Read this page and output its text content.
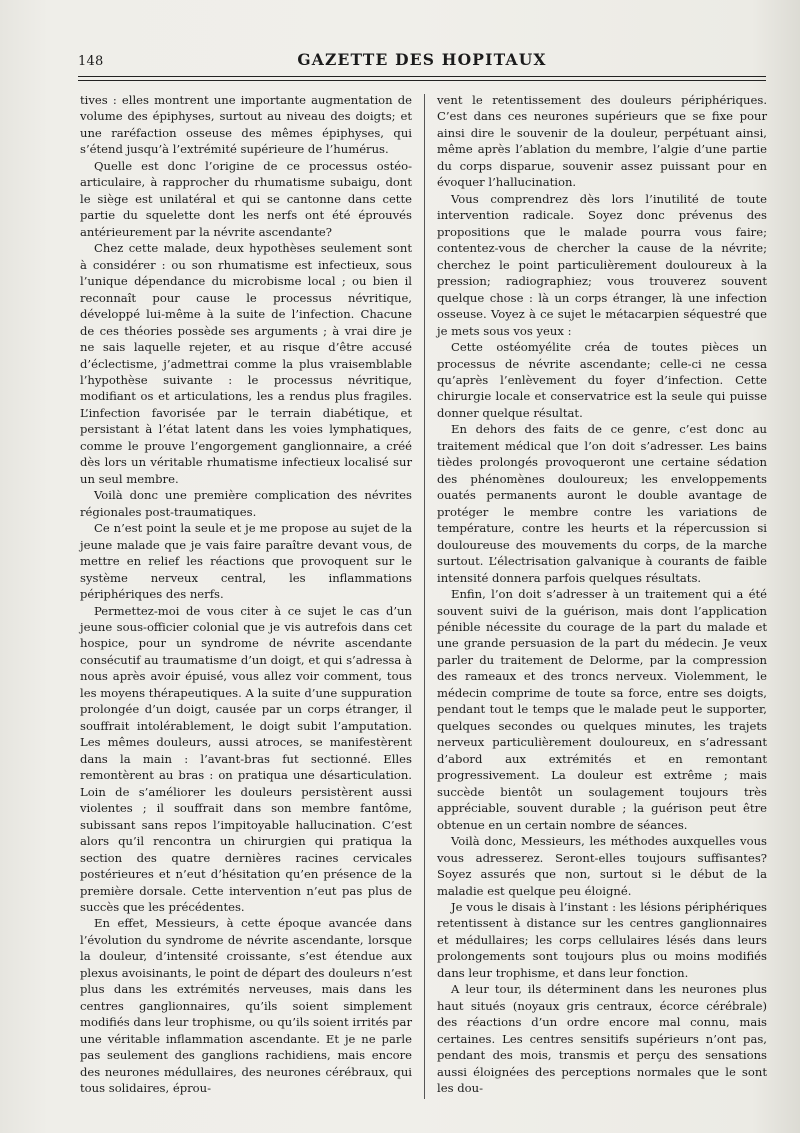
148	GAZETTE DES HOPITAUX

tives : elles montrent une importante augmentation de volume des épiphyses, surtout au niveau des doigts; et une raréfaction osseuse des mêmes épiphyses, qui s’étend jusqu’à l’extrémité supérieure de l’humérus.

Quelle est donc l’origine de ce processus ostéo-articulaire, à rapprocher du rhumatisme subaigu, dont le siège est unilatéral et qui se cantonne dans cette partie du squelette dont les nerfs ont été éprouvés antérieurement par la névrite ascendante?

Chez cette malade, deux hypothèses seulement sont à considérer : ou son rhumatisme est infectieux, sous l’unique dépendance du microbisme local ; ou bien il reconnaît pour cause le processus névritique, développé lui-même à la suite de l’infection. Chacune de ces théories possède ses arguments ; à vrai dire je ne sais laquelle rejeter, et au risque d’être accusé d’éclectisme, j’admettrai comme la plus vraisemblable l’hypothèse suivante : le processus névritique, modifiant os et articulations, les a rendus plus fragiles. L’infection favorisée par le terrain diabétique, et persistant à l’état latent dans les voies lymphatiques, comme le prouve l’engorgement ganglionnaire, a créé dès lors un véritable rhumatisme infectieux localisé sur un seul membre.

Voilà donc une première complication des névrites régionales post-traumatiques.

Ce n’est point la seule et je me propose au sujet de la jeune malade que je vais faire paraître devant vous, de mettre en relief les réactions que provoquent sur le système nerveux central, les inflammations périphériques des nerfs.

Permettez-moi de vous citer à ce sujet le cas d’un jeune sous-officier colonial que je vis autrefois dans cet hospice, pour un syndrome de névrite ascendante consécutif au traumatisme d’un doigt, et qui s’adressa à nous après avoir épuisé, vous allez voir comment, tous les moyens thérapeutiques. A la suite d’une suppuration prolongée d’un doigt, causée par un corps étranger, il souffrait intolérablement, le doigt subit l’amputation. Les mêmes douleurs, aussi atroces, se manifestèrent dans la main : l’avant-bras fut sectionné. Elles remontèrent au bras : on pratiqua une désarticulation. Loin de s’améliorer les douleurs persistèrent aussi violentes ; il souffrait dans son membre fantôme, subissant sans repos l’impitoyable hallucination. C’est alors qu’il rencontra un chirurgien qui pratiqua la section des quatre dernières racines cervicales postérieures et n’eut d’hésitation qu’en présence de la première dorsale. Cette intervention n’eut pas plus de succès que les précédentes.

En effet, Messieurs, à cette époque avancée dans l’évolution du syndrome de névrite ascendante, lorsque la douleur, d’intensité croissante, s’est étendue aux plexus avoisinants, le point de départ des douleurs n’est plus dans les extrémités nerveuses, mais dans les centres ganglionnaires, qu’ils soient simplement modifiés dans leur trophisme, ou qu’ils soient irrités par une véritable inflammation ascendante. Et je ne parle pas seulement des ganglions rachidiens, mais encore des neurones médullaires, des neurones cérébraux, qui tous solidaires, éprou-

vent le retentissement des douleurs périphériques. C’est dans ces neurones supérieurs que se fixe pour ainsi dire le souvenir de la douleur, perpétuant ainsi, même après l’ablation du membre, l’algie d’une partie du corps disparue, souvenir assez puissant pour en évoquer l’hallucination.

Vous comprendrez dès lors l’inutilité de toute intervention radicale. Soyez donc prévenus des propositions que le malade pourra vous faire; contentez-vous de chercher la cause de la névrite; cherchez le point particulièrement douloureux à la pression; radiographiez; vous trouverez souvent quelque chose : là un corps étranger, là une infection osseuse. Voyez à ce sujet le métacarpien séquestré que je mets sous vos yeux :

Cette ostéomyélite créa de toutes pièces un processus de névrite ascendante; celle-ci ne cessa qu’après l’enlèvement du foyer d’infection. Cette chirurgie locale et conservatrice est la seule qui puisse donner quelque résultat.

En dehors des faits de ce genre, c’est donc au traitement médical que l’on doit s’adresser. Les bains tièdes prolongés provoqueront une certaine sédation des phénomènes douloureux; les enveloppements ouatés permanents auront le double avantage de protéger le membre contre les variations de température, contre les heurts et la répercussion si douloureuse des mouvements du corps, de la marche surtout. L’électrisation galvanique à courants de faible intensité donnera parfois quelques résultats.

Enfin, l’on doit s’adresser à un traitement qui a été souvent suivi de la guérison, mais dont l’application pénible nécessite du courage de la part du malade et une grande persuasion de la part du médecin. Je veux parler du traitement de Delorme, par la compression des rameaux et des troncs nerveux. Violemment, le médecin comprime de toute sa force, entre ses doigts, pendant tout le temps que le malade peut le supporter, quelques secondes ou quelques minutes, les trajets nerveux particulièrement douloureux, en s’adressant d’abord aux extrémités et en remontant progressivement. La douleur est extrême ; mais succède bientôt un soulagement toujours très appréciable, souvent durable ; la guérison peut être obtenue en un certain nombre de séances.

Voilà donc, Messieurs, les méthodes auxquelles vous vous adresserez. Seront-elles toujours suffisantes? Soyez assurés que non, surtout si le début de la maladie est quelque peu éloigné.

Je vous le disais à l’instant : les lésions périphériques retentissent à distance sur les centres ganglionnaires et médullaires; les corps cellulaires lésés dans leurs prolongements sont toujours plus ou moins modifiés dans leur trophisme, et dans leur fonction.

A leur tour, ils déterminent dans les neurones plus haut situés (noyaux gris centraux, écorce cérébrale) des réactions d’un ordre encore mal connu, mais certaines. Les centres sensitifs supérieurs n’ont pas, pendant des mois, transmis et perçu des sensations aussi éloignées des perceptions normales que le sont les dou-
